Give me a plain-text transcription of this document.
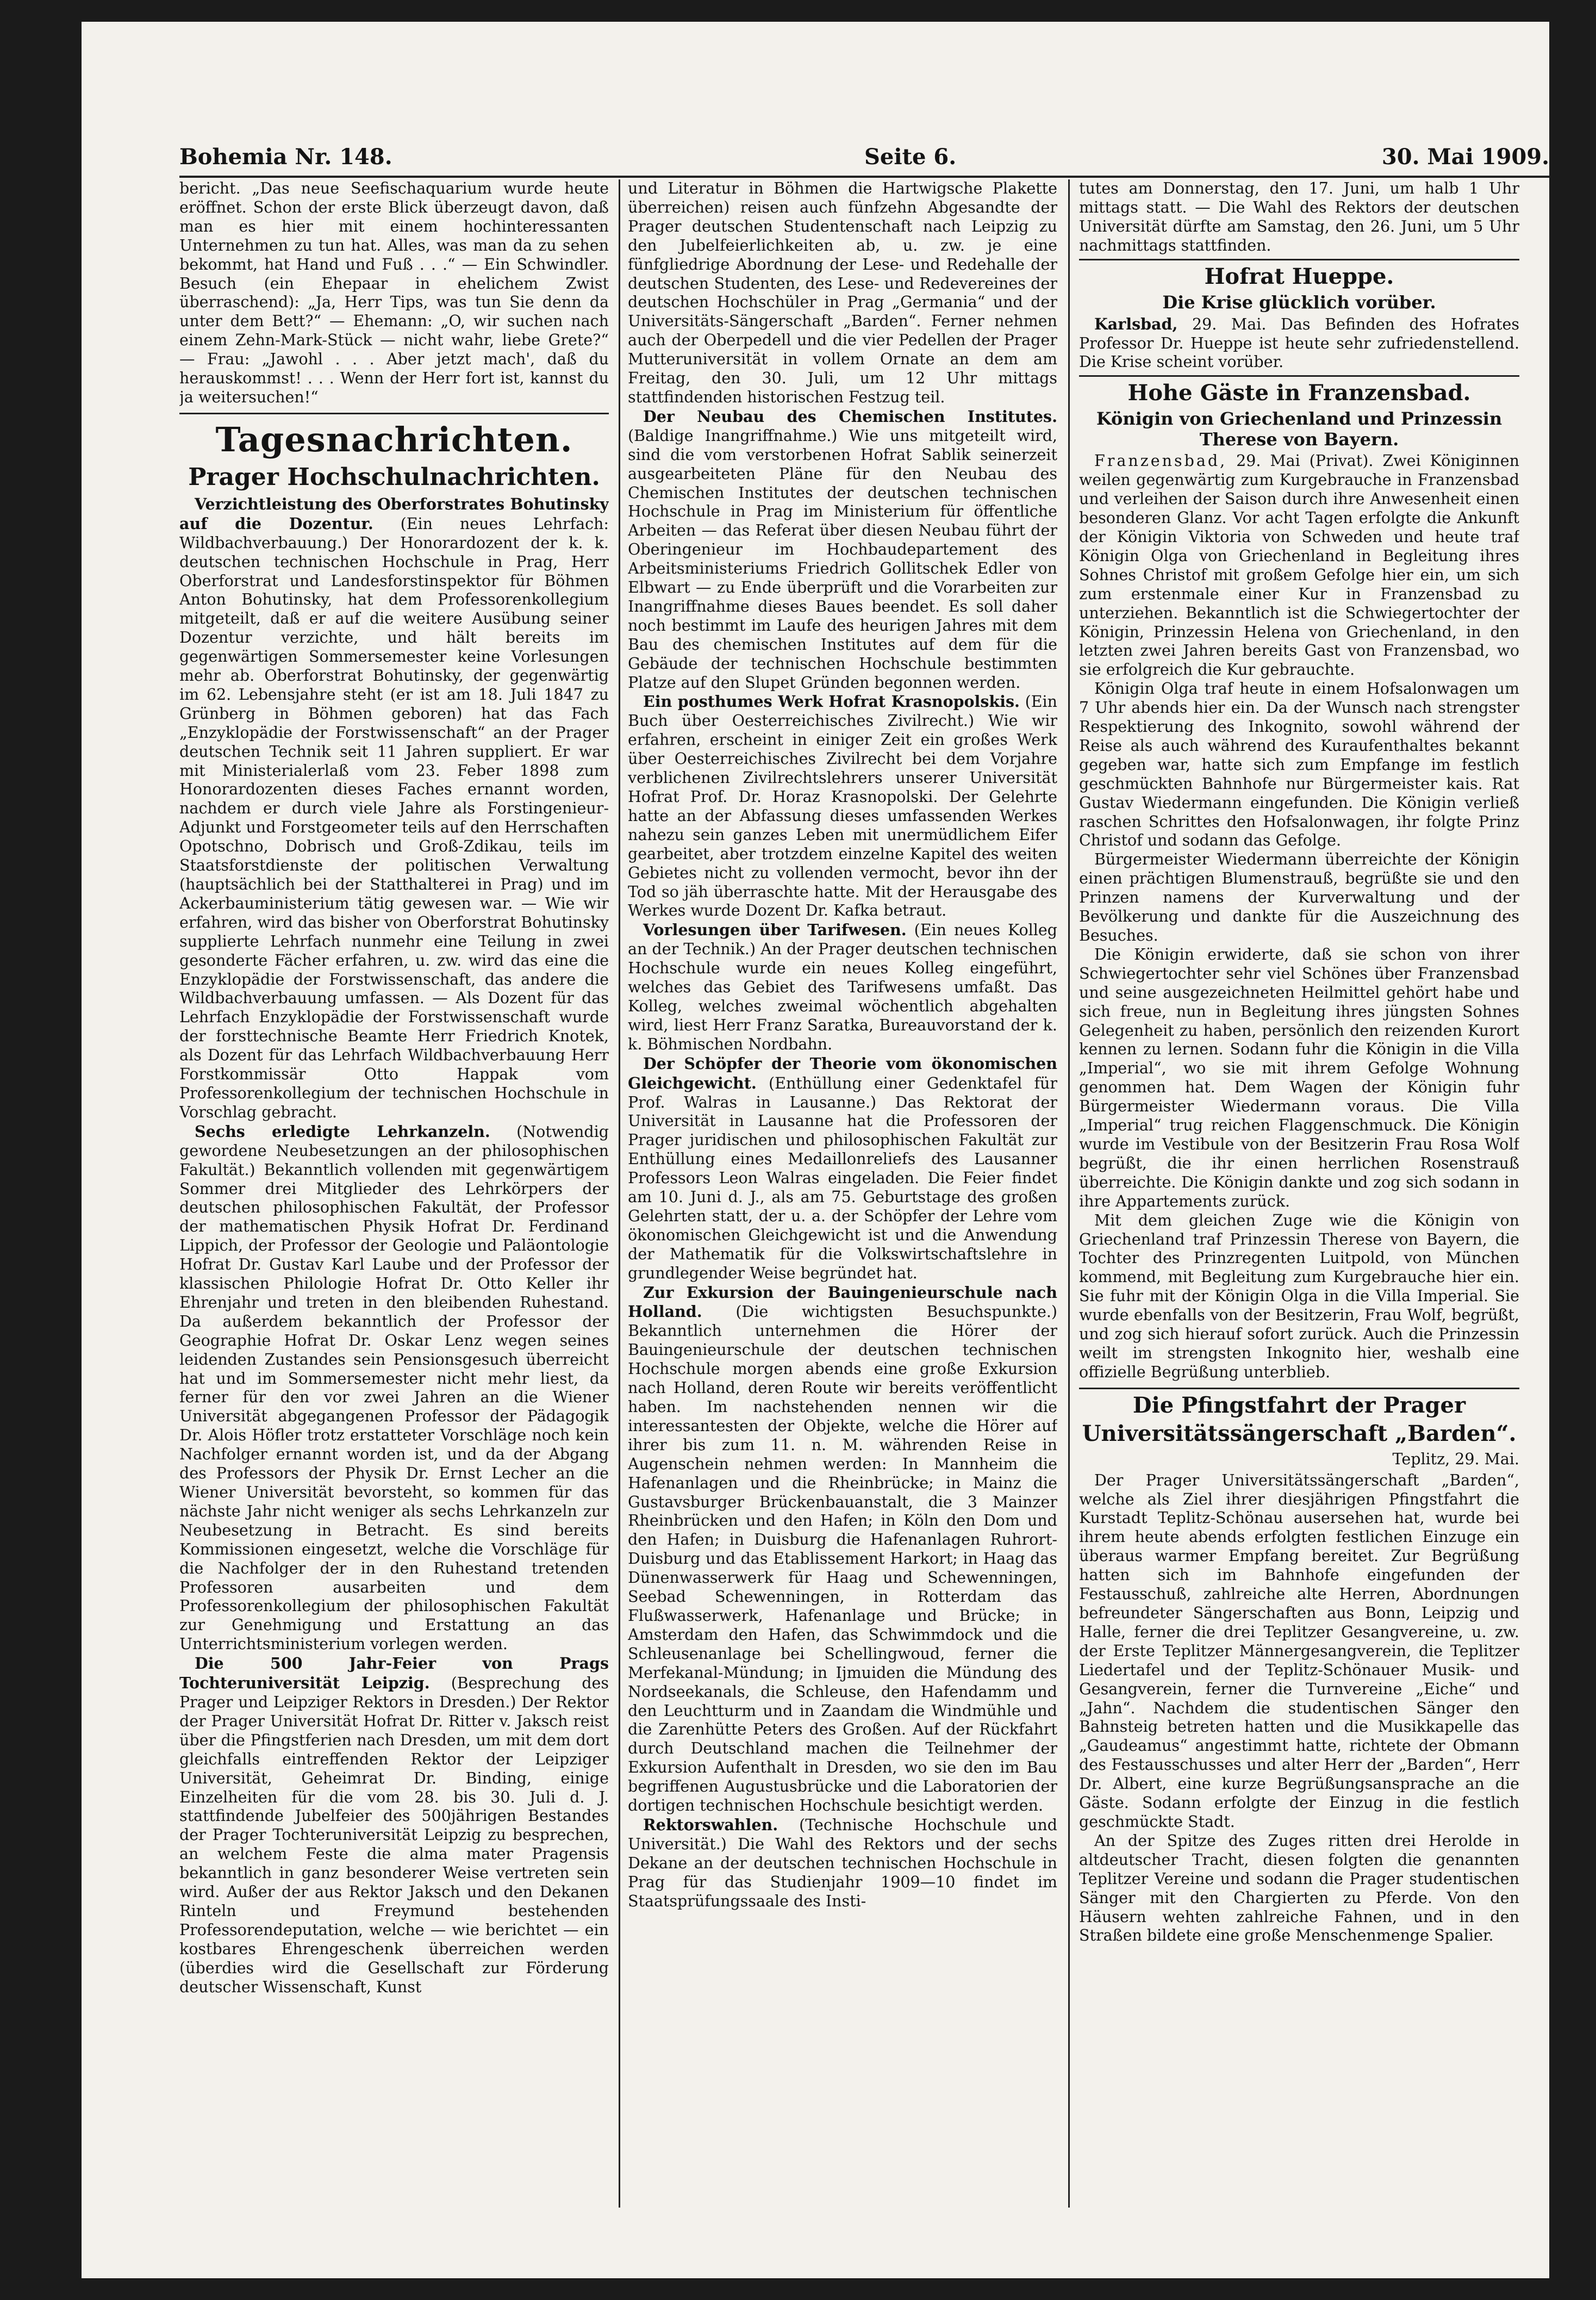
Bohemia Nr. 148.	Seite 6.	30. Mai 1909.

bericht. „Das neue Seefischaquarium wurde heute eröffnet. Schon der erste Blick überzeugt davon, daß man es hier mit einem hochinteressanten Unternehmen zu tun hat. Alles, was man da zu sehen bekommt, hat Hand und Fuß . . .“ — Ein Schwindler. Besuch (ein Ehepaar in ehelichem Zwist überraschend): „Ja, Herr Tips, was tun Sie denn da unter dem Bett?“ — Ehemann: „O, wir suchen nach einem Zehn-Mark-Stück — nicht wahr, liebe Grete?“ — Frau: „Jawohl . . . Aber jetzt mach', daß du herauskommst! . . . Wenn der Herr fort ist, kannst du ja weitersuchen!“

Tagesnachrichten.
Prager Hochschulnachrichten.

Verzichtleistung des Oberforstrates Bohutinsky auf die Dozentur. (Ein neues Lehrfach: Wildbachverbauung.) Der Honorardozent der k. k. deutschen technischen Hochschule in Prag, Herr Oberforstrat und Landesforstinspektor für Böhmen Anton Bohutinsky, hat dem Professorenkollegium mitgeteilt, daß er auf die weitere Ausübung seiner Dozentur verzichte, und hält bereits im gegenwärtigen Sommersemester keine Vorlesungen mehr ab. Oberforstrat Bohutinsky, der gegenwärtig im 62. Lebensjahre steht (er ist am 18. Juli 1847 zu Grünberg in Böhmen geboren) hat das Fach „Enzyklopädie der Forstwissenschaft“ an der Prager deutschen Technik seit 11 Jahren suppliert. Er war mit Ministerialerlaß vom 23. Feber 1898 zum Honorardozenten dieses Faches ernannt worden, nachdem er durch viele Jahre als Forstingenieur-Adjunkt und Forstgeometer teils auf den Herrschaften Opotschno, Dobrisch und Groß-Zdikau, teils im Staatsforstdienste der politischen Verwaltung (hauptsächlich bei der Statthalterei in Prag) und im Ackerbauministerium tätig gewesen war. — Wie wir erfahren, wird das bisher von Oberforstrat Bohutinsky supplierte Lehrfach nunmehr eine Teilung in zwei gesonderte Fächer erfahren, u. zw. wird das eine die Enzyklopädie der Forstwissenschaft, das andere die Wildbachverbauung umfassen. — Als Dozent für das Lehrfach Enzyklopädie der Forstwissenschaft wurde der forsttechnische Beamte Herr Friedrich Knotek, als Dozent für das Lehrfach Wildbachverbauung Herr Forstkommissär Otto Happak vom Professorenkollegium der technischen Hochschule in Vorschlag gebracht.

Sechs erledigte Lehrkanzeln. (Notwendig gewordene Neubesetzungen an der philosophischen Fakultät.) Bekanntlich vollenden mit gegenwärtigem Sommer drei Mitglieder des Lehrkörpers der deutschen philosophischen Fakultät, der Professor der mathematischen Physik Hofrat Dr. Ferdinand Lippich, der Professor der Geologie und Paläontologie Hofrat Dr. Gustav Karl Laube und der Professor der klassischen Philologie Hofrat Dr. Otto Keller ihr Ehrenjahr und treten in den bleibenden Ruhestand. Da außerdem bekanntlich der Professor der Geographie Hofrat Dr. Oskar Lenz wegen seines leidenden Zustandes sein Pensionsgesuch überreicht hat und im Sommersemester nicht mehr liest, da ferner für den vor zwei Jahren an die Wiener Universität abgegangenen Professor der Pädagogik Dr. Alois Höfler trotz erstatteter Vorschläge noch kein Nachfolger ernannt worden ist, und da der Abgang des Professors der Physik Dr. Ernst Lecher an die Wiener Universität bevorsteht, so kommen für das nächste Jahr nicht weniger als sechs Lehrkanzeln zur Neubesetzung in Betracht. Es sind bereits Kommissionen eingesetzt, welche die Vorschläge für die Nachfolger der in den Ruhestand tretenden Professoren ausarbeiten und dem Professorenkollegium der philosophischen Fakultät zur Genehmigung und Erstattung an das Unterrichtsministerium vorlegen werden.

Die 500 Jahr-Feier von Prags Tochteruniversität Leipzig. (Besprechung des Prager und Leipziger Rektors in Dresden.) Der Rektor der Prager Universität Hofrat Dr. Ritter v. Jaksch reist über die Pfingstferien nach Dresden, um mit dem dort gleichfalls eintreffenden Rektor der Leipziger Universität, Geheimrat Dr. Binding, einige Einzelheiten für die vom 28. bis 30. Juli d. J. stattfindende Jubelfeier des 500jährigen Bestandes der Prager Tochteruniversität Leipzig zu besprechen, an welchem Feste die alma mater Pragensis bekanntlich in ganz besonderer Weise vertreten sein wird. Außer der aus Rektor Jaksch und den Dekanen Rinteln und Freymund bestehenden Professorendeputation, welche — wie berichtet — ein kostbares Ehrengeschenk überreichen werden (überdies wird die Gesellschaft zur Förderung deutscher Wissenschaft, Kunst

und Literatur in Böhmen die Hartwigsche Plakette überreichen) reisen auch fünfzehn Abgesandte der Prager deutschen Studentenschaft nach Leipzig zu den Jubelfeierlichkeiten ab, u. zw. je eine fünfgliedrige Abordnung der Lese- und Redehalle der deutschen Studenten, des Lese- und Redevereines der deutschen Hochschüler in Prag „Germania“ und der Universitäts-Sängerschaft „Barden“. Ferner nehmen auch der Oberpedell und die vier Pedellen der Prager Mutteruniversität in vollem Ornate an dem am Freitag, den 30. Juli, um 12 Uhr mittags stattfindenden historischen Festzug teil.

Der Neubau des Chemischen Institutes. (Baldige Inangriffnahme.) Wie uns mitgeteilt wird, sind die vom verstorbenen Hofrat Sablik seinerzeit ausgearbeiteten Pläne für den Neubau des Chemischen Institutes der deutschen technischen Hochschule in Prag im Ministerium für öffentliche Arbeiten — das Referat über diesen Neubau führt der Oberingenieur im Hochbaudepartement des Arbeitsministeriums Friedrich Gollitschek Edler von Elbwart — zu Ende überprüft und die Vorarbeiten zur Inangriffnahme dieses Baues beendet. Es soll daher noch bestimmt im Laufe des heurigen Jahres mit dem Bau des chemischen Institutes auf dem für die Gebäude der technischen Hochschule bestimmten Platze auf den Slupet Gründen begonnen werden.

Ein posthumes Werk Hofrat Krasnopolskis. (Ein Buch über Oesterreichisches Zivilrecht.) Wie wir erfahren, erscheint in einiger Zeit ein großes Werk über Oesterreichisches Zivilrecht bei dem Vorjahre verblichenen Zivilrechtslehrers unserer Universität Hofrat Prof. Dr. Horaz Krasnopolski. Der Gelehrte hatte an der Abfassung dieses umfassenden Werkes nahezu sein ganzes Leben mit unermüdlichem Eifer gearbeitet, aber trotzdem einzelne Kapitel des weiten Gebietes nicht zu vollenden vermocht, bevor ihn der Tod so jäh überraschte hatte. Mit der Herausgabe des Werkes wurde Dozent Dr. Kafka betraut.

Vorlesungen über Tarifwesen. (Ein neues Kolleg an der Technik.) An der Prager deutschen technischen Hochschule wurde ein neues Kolleg eingeführt, welches das Gebiet des Tarifwesens umfaßt. Das Kolleg, welches zweimal wöchentlich abgehalten wird, liest Herr Franz Saratka, Bureauvorstand der k. k. Böhmischen Nordbahn.

Der Schöpfer der Theorie vom ökonomischen Gleichgewicht. (Enthüllung einer Gedenktafel für Prof. Walras in Lausanne.) Das Rektorat der Universität in Lausanne hat die Professoren der Prager juridischen und philosophischen Fakultät zur Enthüllung eines Medaillonreliefs des Lausanner Professors Leon Walras eingeladen. Die Feier findet am 10. Juni d. J., als am 75. Geburtstage des großen Gelehrten statt, der u. a. der Schöpfer der Lehre vom ökonomischen Gleichgewicht ist und die Anwendung der Mathematik für die Volkswirtschaftslehre in grundlegender Weise begründet hat.

Zur Exkursion der Bauingenieurschule nach Holland. (Die wichtigsten Besuchspunkte.) Bekanntlich unternehmen die Hörer der Bauingenieurschule der deutschen technischen Hochschule morgen abends eine große Exkursion nach Holland, deren Route wir bereits veröffentlicht haben. Im nachstehenden nennen wir die interessantesten der Objekte, welche die Hörer auf ihrer bis zum 11. n. M. währenden Reise in Augenschein nehmen werden: In Mannheim die Hafenanlagen und die Rheinbrücke; in Mainz die Gustavsburger Brückenbauanstalt, die 3 Mainzer Rheinbrücken und den Hafen; in Köln den Dom und den Hafen; in Duisburg die Hafenanlagen Ruhrort-Duisburg und das Etablissement Harkort; in Haag das Dünenwasserwerk für Haag und Schewenningen, Seebad Schewenningen, in Rotterdam das Flußwasserwerk, Hafenanlage und Brücke; in Amsterdam den Hafen, das Schwimmdock und die Schleusenanlage bei Schellingwoud, ferner die Merfekanal-Mündung; in Ijmuiden die Mündung des Nordseekanals, die Schleuse, den Hafendamm und den Leuchtturm und in Zaandam die Windmühle und die Zarenhütte Peters des Großen. Auf der Rückfahrt durch Deutschland machen die Teilnehmer der Exkursion Aufenthalt in Dresden, wo sie den im Bau begriffenen Augustusbrücke und die Laboratorien der dortigen technischen Hochschule besichtigt werden.

Rektorswahlen. (Technische Hochschule und Universität.) Die Wahl des Rektors und der sechs Dekane an der deutschen technischen Hochschule in Prag für das Studienjahr 1909—10 findet im Staatsprüfungssaale des Insti-

tutes am Donnerstag, den 17. Juni, um halb 1 Uhr mittags statt. — Die Wahl des Rektors der deutschen Universität dürfte am Samstag, den 26. Juni, um 5 Uhr nachmittags stattfinden.

Hofrat Hueppe.
Die Krise glücklich vorüber.

Karlsbad, 29. Mai. Das Befinden des Hofrates Professor Dr. Hueppe ist heute sehr zufriedenstellend. Die Krise scheint vorüber.

Hohe Gäste in Franzensbad.
Königin von Griechenland und Prinzessin Therese von Bayern.

Franzensbad, 29. Mai (Privat). Zwei Königinnen weilen gegenwärtig zum Kurgebrauche in Franzensbad und verleihen der Saison durch ihre Anwesenheit einen besonderen Glanz. Vor acht Tagen erfolgte die Ankunft der Königin Viktoria von Schweden und heute traf Königin Olga von Griechenland in Begleitung ihres Sohnes Christof mit großem Gefolge hier ein, um sich zum erstenmale einer Kur in Franzensbad zu unterziehen. Bekanntlich ist die Schwiegertochter der Königin, Prinzessin Helena von Griechenland, in den letzten zwei Jahren bereits Gast von Franzensbad, wo sie erfolgreich die Kur gebrauchte.

Königin Olga traf heute in einem Hofsalonwagen um 7 Uhr abends hier ein. Da der Wunsch nach strengster Respektierung des Inkognito, sowohl während der Reise als auch während des Kuraufenthaltes bekannt gegeben war, hatte sich zum Empfange im festlich geschmückten Bahnhofe nur Bürgermeister kais. Rat Gustav Wiedermann eingefunden. Die Königin verließ raschen Schrittes den Hofsalonwagen, ihr folgte Prinz Christof und sodann das Gefolge.

Bürgermeister Wiedermann überreichte der Königin einen prächtigen Blumenstrauß, begrüßte sie und den Prinzen namens der Kurverwaltung und der Bevölkerung und dankte für die Auszeichnung des Besuches.

Die Königin erwiderte, daß sie schon von ihrer Schwiegertochter sehr viel Schönes über Franzensbad und seine ausgezeichneten Heilmittel gehört habe und sich freue, nun in Begleitung ihres jüngsten Sohnes Gelegenheit zu haben, persönlich den reizenden Kurort kennen zu lernen. Sodann fuhr die Königin in die Villa „Imperial“, wo sie mit ihrem Gefolge Wohnung genommen hat. Dem Wagen der Königin fuhr Bürgermeister Wiedermann voraus. Die Villa „Imperial“ trug reichen Flaggenschmuck. Die Königin wurde im Vestibule von der Besitzerin Frau Rosa Wolf begrüßt, die ihr einen herrlichen Rosenstrauß überreichte. Die Königin dankte und zog sich sodann in ihre Appartements zurück.

Mit dem gleichen Zuge wie die Königin von Griechenland traf Prinzessin Therese von Bayern, die Tochter des Prinzregenten Luitpold, von München kommend, mit Begleitung zum Kurgebrauche hier ein. Sie fuhr mit der Königin Olga in die Villa Imperial. Sie wurde ebenfalls von der Besitzerin, Frau Wolf, begrüßt, und zog sich hierauf sofort zurück. Auch die Prinzessin weilt im strengsten Inkognito hier, weshalb eine offizielle Begrüßung unterblieb.

Die Pfingstfahrt der Prager Universitätssängerschaft „Barden“.
Teplitz, 29. Mai.

Der Prager Universitätssängerschaft „Barden“, welche als Ziel ihrer diesjährigen Pfingstfahrt die Kurstadt Teplitz-Schönau ausersehen hat, wurde bei ihrem heute abends erfolgten festlichen Einzuge ein überaus warmer Empfang bereitet. Zur Begrüßung hatten sich im Bahnhofe eingefunden der Festausschuß, zahlreiche alte Herren, Abordnungen befreundeter Sängerschaften aus Bonn, Leipzig und Halle, ferner die drei Teplitzer Gesangvereine, u. zw. der Erste Teplitzer Männergesangverein, die Teplitzer Liedertafel und der Teplitz-Schönauer Musik- und Gesangverein, ferner die Turnvereine „Eiche“ und „Jahn“. Nachdem die studentischen Sänger den Bahnsteig betreten hatten und die Musikkapelle das „Gaudeamus“ angestimmt hatte, richtete der Obmann des Festausschusses und alter Herr der „Barden“, Herr Dr. Albert, eine kurze Begrüßungsansprache an die Gäste. Sodann erfolgte der Einzug in die festlich geschmückte Stadt.

An der Spitze des Zuges ritten drei Herolde in altdeutscher Tracht, diesen folgten die genannten Teplitzer Vereine und sodann die Prager studentischen Sänger mit den Chargierten zu Pferde. Von den Häusern wehten zahlreiche Fahnen, und in den Straßen bildete eine große Menschenmenge Spalier.
